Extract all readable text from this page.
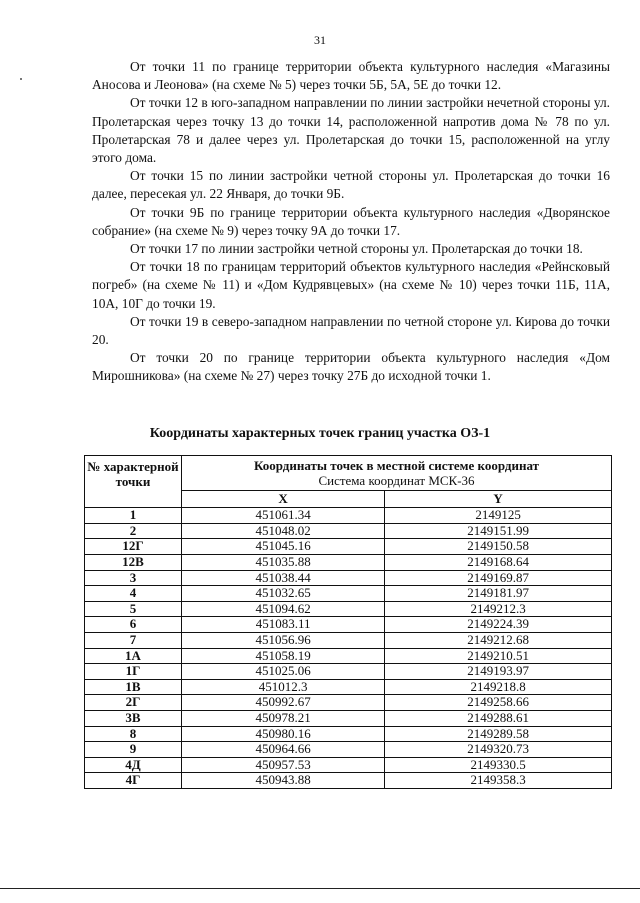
31

От точки 11 по границе территории объекта культурного наследия «Магазины Аносова и Леонова» (на схеме № 5) через точки 5Б, 5А, 5Е до точки 12.

От точки 12 в юго-западном направлении по линии застройки нечетной стороны ул. Пролетарская через точку 13 до точки 14, расположенной напротив дома № 78 по ул. Пролетарская 78 и далее через ул. Пролетарская до точки 15, расположенной на углу этого дома.

От точки 15 по линии застройки четной стороны ул. Пролетарская до точки 16 далее, пересекая ул. 22 Января, до точки 9Б.

От точки 9Б по границе территории объекта культурного наследия «Дворянское собрание» (на схеме № 9) через точку 9А до точки 17.

От точки 17 по линии застройки четной стороны ул. Пролетарская до точки 18.

От точки 18 по границам территорий объектов культурного наследия «Рейнсковый погреб» (на схеме № 11) и «Дом Кудрявцевых» (на схеме № 10) через точки 11Б, 11А, 10А, 10Г до точки 19.

От точки 19 в северо-западном направлении по четной стороне ул. Кирова до точки 20.

От точки 20 по границе территории объекта культурного наследия «Дом Мирошникова» (на схеме № 27) через точку 27Б до исходной точки 1.

Координаты характерных точек границ участка ОЗ-1
№ характерной точки	Координаты точек в местной системе координат
Система координат МСК-36	

	X	Y
1	451061.34	2149125
2	451048.02	2149151.99
12Г	451045.16	2149150.58
12В	451035.88	2149168.64
3	451038.44	2149169.87
4	451032.65	2149181.97
5	451094.62	2149212.3
6	451083.11	2149224.39
7	451056.96	2149212.68
1А	451058.19	2149210.51
1Г	451025.06	2149193.97
1В	451012.3	2149218.8
2Г	450992.67	2149258.66
3В	450978.21	2149288.61
8	450980.16	2149289.58
9	450964.66	2149320.73
4Д	450957.53	2149330.5
4Г	450943.88	2149358.3
